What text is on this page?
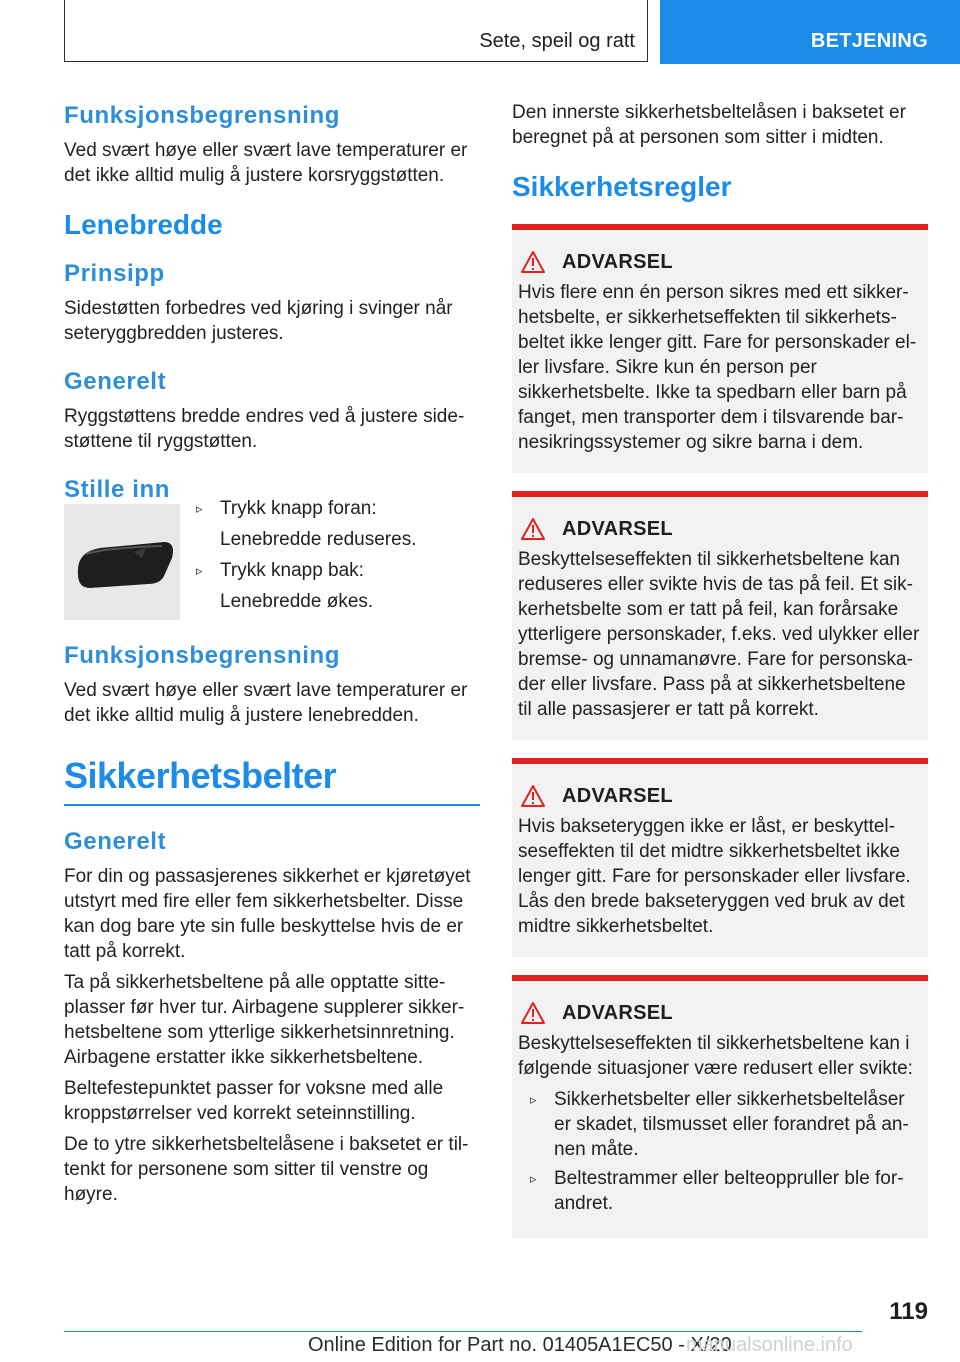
Sete, speil og ratt	BETJENING
Funksjonsbegrensning

Ved svært høye eller svært lave temperaturer er det ikke alltid mulig å justere korsryggstøtten.

Lenebredde
Prinsipp

Sidestøtten forbedres ved kjøring i svinger når seteryggbredden justeres.

Generelt

Ryggstøttens bredde endres ved å justere sidestøttene til ryggstøtten.

Stille inn
▹ Trykk knapp foran:
Lenebredde reduseres.
▹ Trykk knapp bak:
Lenebredde økes.
Funksjonsbegrensning

Ved svært høye eller svært lave temperaturer er det ikke alltid mulig å justere lenebredden.

Sikkerhetsbelter
Generelt

For din og passasjerenes sikkerhet er kjøretøyet utstyrt med fire eller fem sikkerhetsbelter. Disse kan dog bare yte sin fulle beskyttelse hvis de er tatt på korrekt.

Ta på sikkerhetsbeltene på alle opptatte sitteplasser før hver tur. Airbagene supplerer sikkerhetsbeltene som ytterlige sikkerhetsinnretning. Airbagene erstatter ikke sikkerhetsbeltene.

Beltefestepunktet passer for voksne med alle kroppstørrelser ved korrekt seteinnstilling.

De to ytre sikkerhetsbeltelåsene i baksetet er tiltenkt for personene som sitter til venstre og høyre.

Den innerste sikkerhetsbeltelåsen i baksetet er beregnet på at personen som sitter i midten.

Sikkerhetsregler
ADVARSEL

Hvis flere enn én person sikres med ett sikkerhetsbelte, er sikkerhetseffekten til sikkerhetsbeltet ikke lenger gitt. Fare for personskader eller livsfare. Sikre kun én person per sikkerhetsbelte. Ikke ta spedbarn eller barn på fanget, men transporter dem i tilsvarende barnesikringssystemer og sikre barna i dem.

ADVARSEL

Beskyttelseseffekten til sikkerhetsbeltene kan reduseres eller svikte hvis de tas på feil. Et sikkerhetsbelte som er tatt på feil, kan forårsake ytterligere personskader, f.eks. ved ulykker eller bremse- og unnamanøvre. Fare for personskader eller livsfare. Pass på at sikkerhetsbeltene til alle passasjerer er tatt på korrekt.

ADVARSEL

Hvis bakseteryggen ikke er låst, er beskyttelseseffekten til det midtre sikkerhetsbeltet ikke lenger gitt. Fare for personskader eller livsfare. Lås den brede bakseteryggen ved bruk av det midtre sikkerhetsbeltet.

ADVARSEL

Beskyttelseseffekten til sikkerhetsbeltene kan i følgende situasjoner være redusert eller svikte:

▹ Sikkerhetsbelter eller sikkerhetsbeltelåser er skadet, tilsmusset eller forandret på annen måte.
▹ Beltestrammer eller belteoppruller ble forandret.
119
Online Edition for Part no. 01405A1EC50 - X/20
manualsonline.info
